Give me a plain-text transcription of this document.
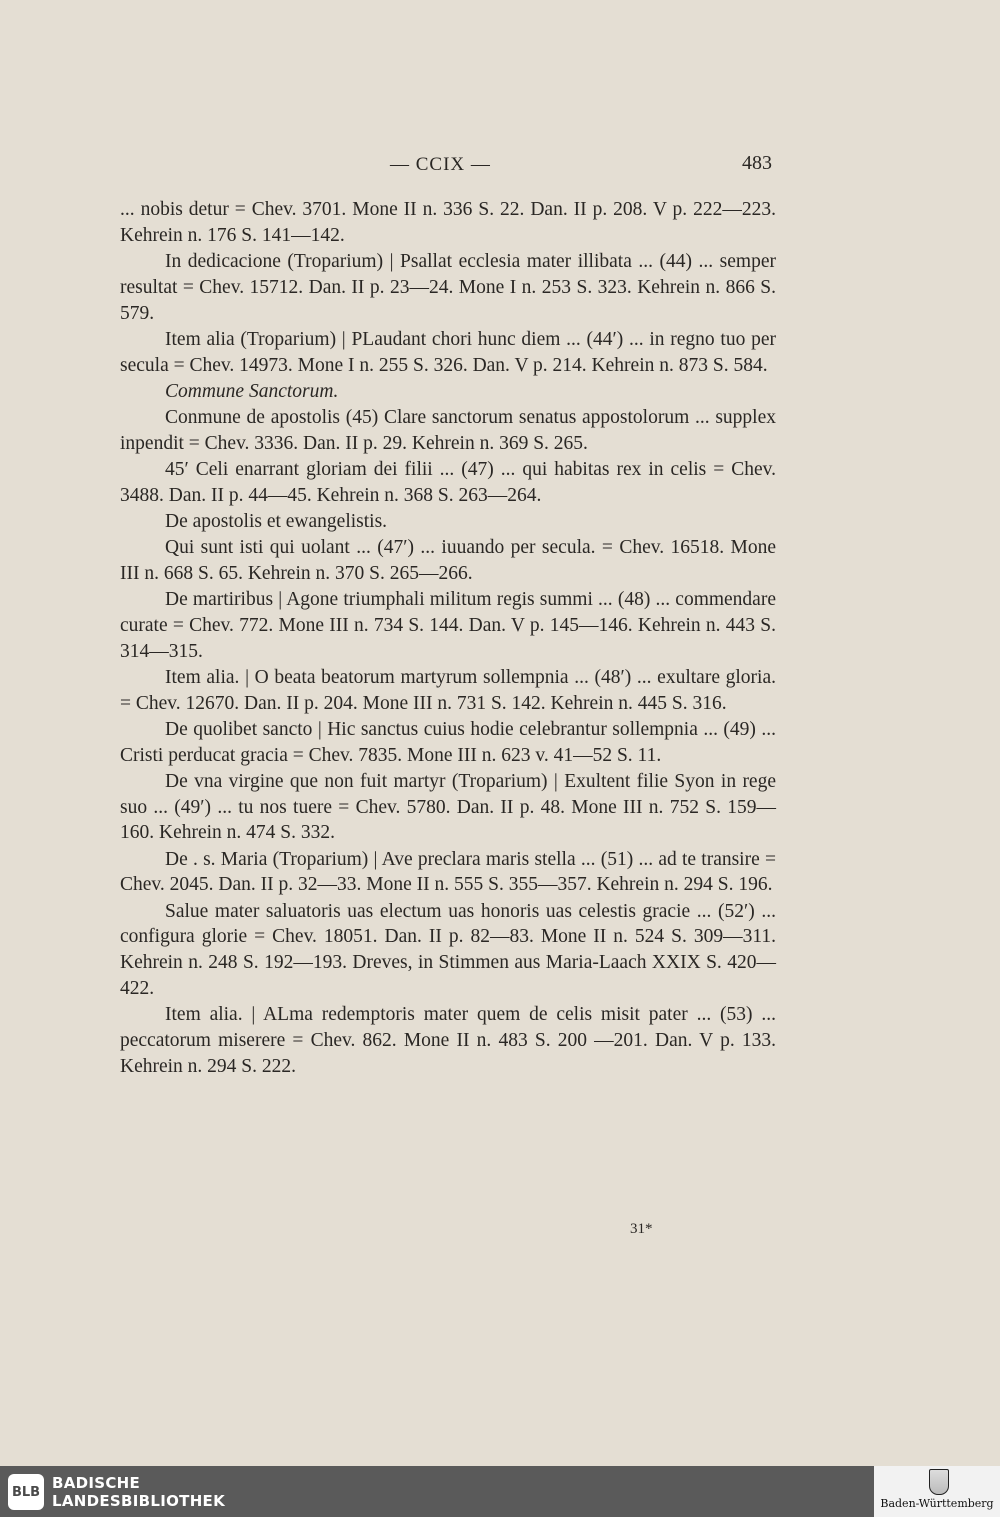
— CCIX —	483

... nobis detur = Chev. 3701. Mone II n. 336 S. 22. Dan. II p. 208. V p. 222—223. Kehrein n. 176 S. 141—142.

In dedicacione (Troparium) | Psallat ecclesia mater illibata ... (44) ... semper resultat = Chev. 15712. Dan. II p. 23—24. Mone I n. 253 S. 323. Kehrein n. 866 S. 579.

Item alia (Troparium) | PLaudant chori hunc diem ... (44′) ... in regno tuo per secula = Chev. 14973. Mone I n. 255 S. 326. Dan. V p. 214. Kehrein n. 873 S. 584.

Commune Sanctorum.

Conmune de apostolis (45) Clare sanctorum senatus appostolorum ... supplex inpendit = Chev. 3336. Dan. II p. 29. Kehrein n. 369 S. 265.

45′ Celi enarrant gloriam dei filii ... (47) ... qui habitas rex in celis = Chev. 3488. Dan. II p. 44—45. Kehrein n. 368 S. 263—264.

De apostolis et ewangelistis.

Qui sunt isti qui uolant ... (47′) ... iuuando per secula. = Chev. 16518. Mone III n. 668 S. 65. Kehrein n. 370 S. 265—266.

De martiribus | Agone triumphali militum regis summi ... (48) ... commendare curate = Chev. 772. Mone III n. 734 S. 144. Dan. V p. 145—146. Kehrein n. 443 S. 314—315.

Item alia. | O beata beatorum martyrum sollempnia ... (48′) ... exultare gloria. = Chev. 12670. Dan. II p. 204. Mone III n. 731 S. 142. Kehrein n. 445 S. 316.

De quolibet sancto | Hic sanctus cuius hodie celebrantur sollempnia ... (49) ... Cristi perducat gracia = Chev. 7835. Mone III n. 623 v. 41—52 S. 11.

De vna virgine que non fuit martyr (Troparium) | Exultent filie Syon in rege suo ... (49′) ... tu nos tuere = Chev. 5780. Dan. II p. 48. Mone III n. 752 S. 159—160. Kehrein n. 474 S. 332.

De . s. Maria (Troparium) | Ave preclara maris stella ... (51) ... ad te transire = Chev. 2045. Dan. II p. 32—33. Mone II n. 555 S. 355—357. Kehrein n. 294 S. 196.

Salue mater saluatoris uas electum uas honoris uas celestis gracie ... (52′) ... configura glorie = Chev. 18051. Dan. II p. 82—83. Mone II n. 524 S. 309—311. Kehrein n. 248 S. 192—193. Dreves, in Stimmen aus Maria-Laach XXIX S. 420—422.

Item alia. | ALma redemptoris mater quem de celis misit pater ... (53) ... peccatorum miserere = Chev. 862. Mone II n. 483 S. 200 —201. Dan. V p. 133. Kehrein n. 294 S. 222.

31*
BLB BADISCHE
LANDESBIBLIOTHEK	Baden-Württemberg
